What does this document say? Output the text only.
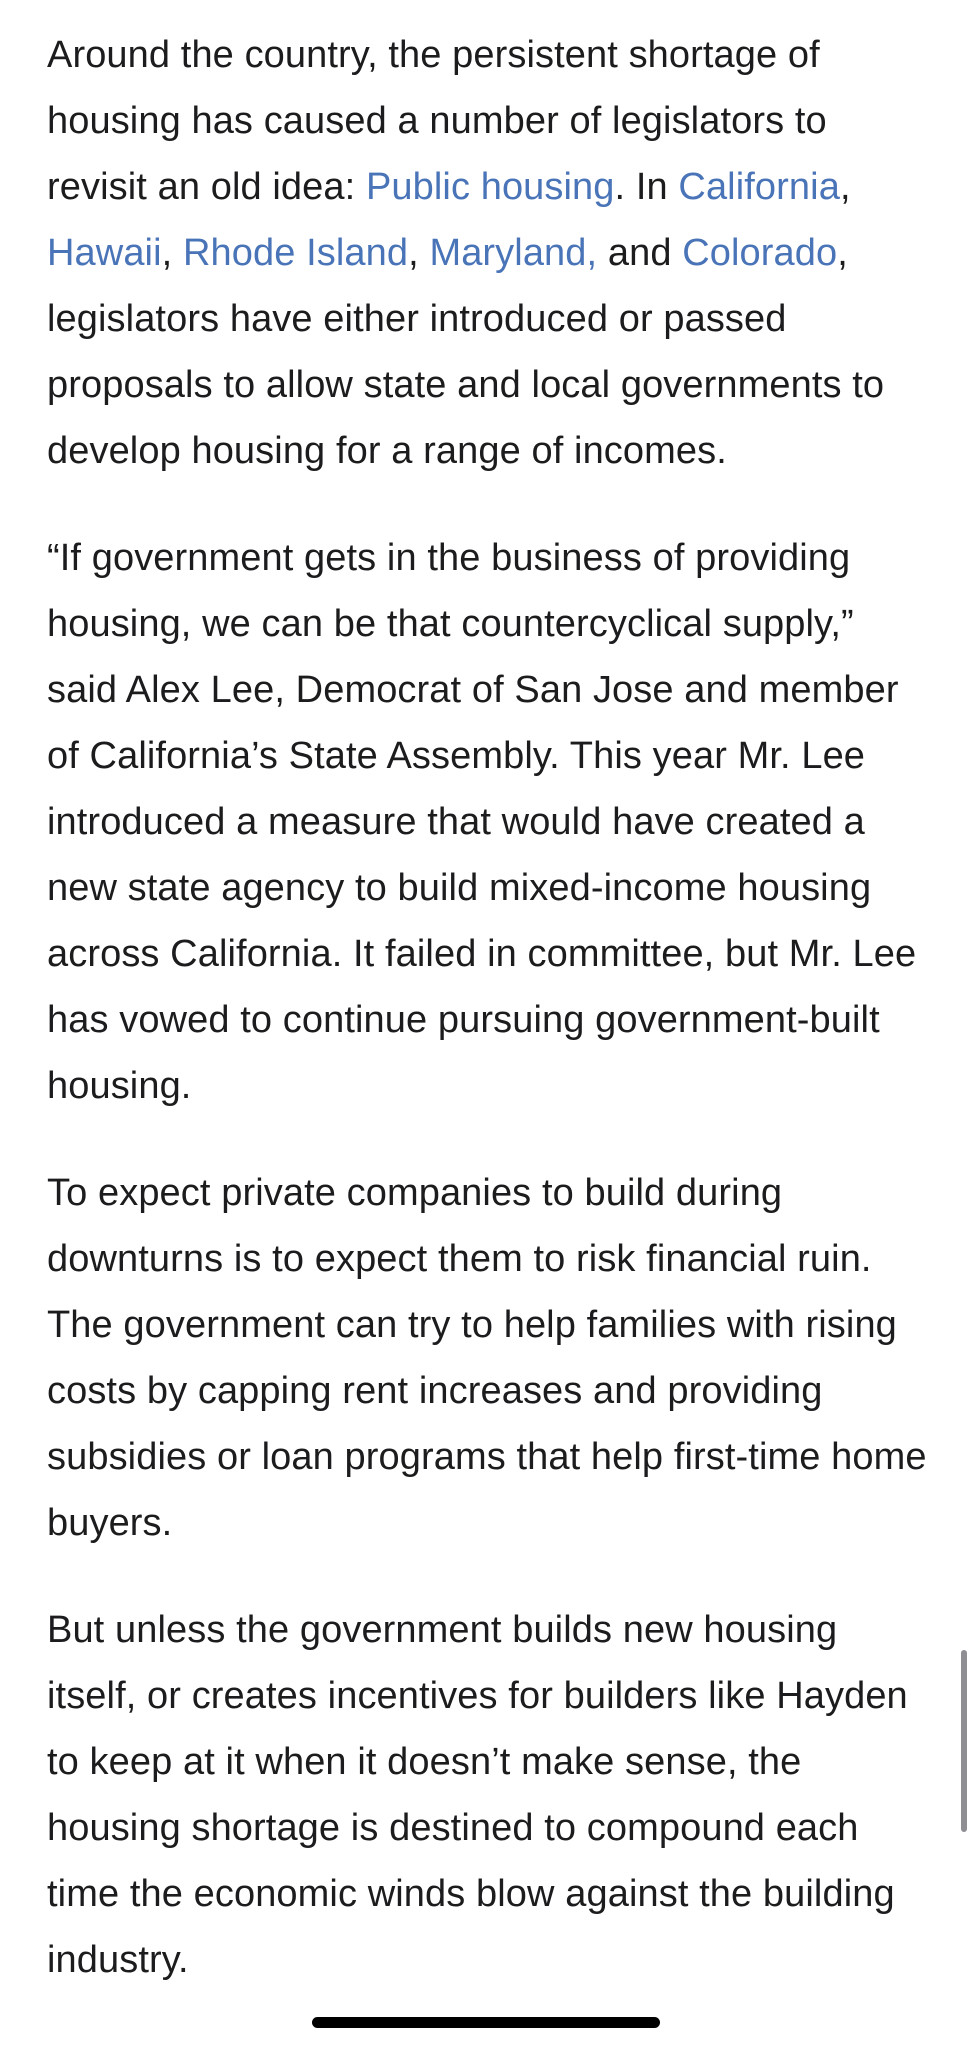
Around the country, the persistent shortage of housing has caused a number of legislators to revisit an old idea: Public housing. In California, Hawaii, Rhode Island, Maryland, and Colorado, legislators have either introduced or passed proposals to allow state and local governments to develop housing for a range of incomes.

“If government gets in the business of providing housing, we can be that countercyclical supply,” said Alex Lee, Democrat of San Jose and member of California’s State Assembly. This year Mr. Lee introduced a measure that would have created a new state agency to build mixed-income housing across California. It failed in committee, but Mr. Lee has vowed to continue pursuing government-built housing.

To expect private companies to build during downturns is to expect them to risk financial ruin. The government can try to help families with rising costs by capping rent increases and providing subsidies or loan programs that help first-time home buyers.

But unless the government builds new housing itself, or creates incentives for builders like Hayden to keep at it when it doesn’t make sense, the housing shortage is destined to compound each time the economic winds blow against the building industry.
